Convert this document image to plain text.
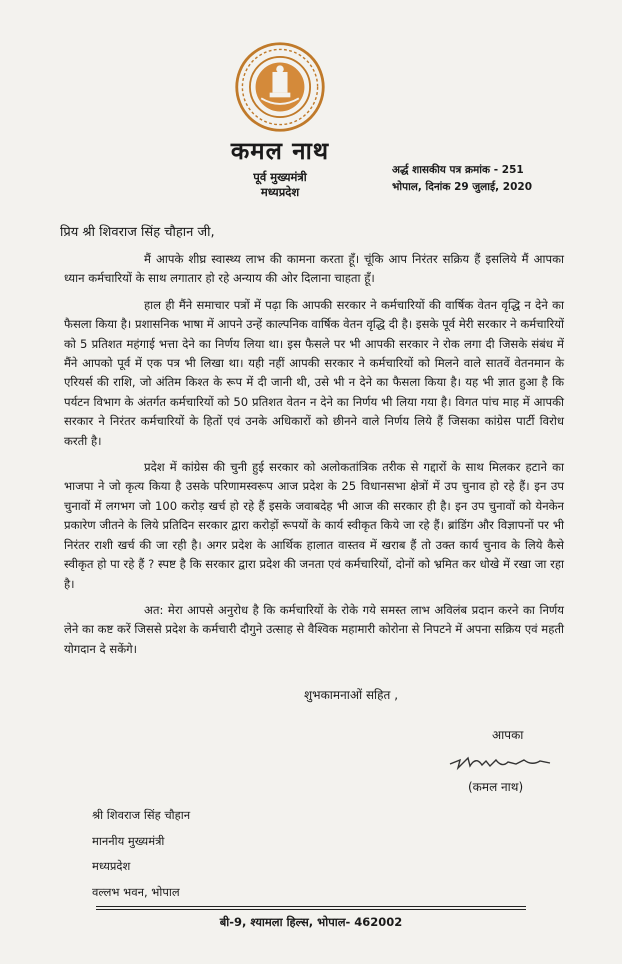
कमल नाथ
पूर्व मुख्यमंत्री
मध्यप्रदेश
अर्द्ध शासकीय पत्र क्रमांक - 251
भोपाल, दिनांक 29 जुलाई, 2020
प्रिय श्री शिवराज सिंह चौहान जी,

मैं आपके शीघ्र स्वास्थ्य लाभ की कामना करता हूँ। चूंकि आप निरंतर सक्रिय हैं इसलिये मैं आपका ध्यान कर्मचारियों के साथ लगातार हो रहे अन्याय की ओर दिलाना चाहता हूँ।

हाल ही मैंने समाचार पत्रों में पढ़ा कि आपकी सरकार ने कर्मचारियों की वार्षिक वेतन वृद्धि न देने का फैसला किया है। प्रशासनिक भाषा में आपने उन्हें काल्पनिक वार्षिक वेतन वृद्धि दी है। इसके पूर्व मेरी सरकार ने कर्मचारियों को 5 प्रतिशत महंगाई भत्ता देने का निर्णय लिया था। इस फैसले पर भी आपकी सरकार ने रोक लगा दी जिसके संबंध में मैंने आपको पूर्व में एक पत्र भी लिखा था। यही नहीं आपकी सरकार ने कर्मचारियों को मिलने वाले सातवें वेतनमान के एरियर्स की राशि, जो अंतिम किश्त के रूप में दी जानी थी, उसे भी न देने का फैसला किया है। यह भी ज्ञात हुआ है कि पर्यटन विभाग के अंतर्गत कर्मचारियों को 50 प्रतिशत वेतन न देने का निर्णय भी लिया गया है। विगत पांच माह में आपकी सरकार ने निरंतर कर्मचारियों के हितों एवं उनके अधिकारों को छीनने वाले निर्णय लिये हैं जिसका कांग्रेस पार्टी विरोध करती है।

प्रदेश में कांग्रेस की चुनी हुई सरकार को अलोकतांत्रिक तरीक से गद्दारों के साथ मिलकर हटाने का भाजपा ने जो कृत्य किया है उसके परिणामस्वरूप आज प्रदेश के 25 विधानसभा क्षेत्रों में उप चुनाव हो रहे हैं। इन उप चुनावों में लगभग जो 100 करोड़ खर्च हो रहे हैं इसके जवाबदेह भी आज की सरकार ही है। इन उप चुनावों को येनकेन प्रकारेण जीतने के लिये प्रतिदिन सरकार द्वारा करोड़ों रूपयों के कार्य स्वीकृत किये जा रहे हैं। ब्रांडिंग और विज्ञापनों पर भी निरंतर राशी खर्च की जा रही है। अगर प्रदेश के आर्थिक हालात वास्तव में खराब हैं तो उक्त कार्य चुनाव के लिये कैसे स्वीकृत हो पा रहे हैं ? स्पष्ट है कि सरकार द्वारा प्रदेश की जनता एवं कर्मचारियों, दोनों को भ्रमित कर धोखे में रखा जा रहा है।

अत: मेरा आपसे अनुरोध है कि कर्मचारियों के रोके गये समस्त लाभ अविलंब प्रदान करने का निर्णय लेने का कष्ट करें जिससे प्रदेश के कर्मचारी दौगुने उत्साह से वैश्विक महामारी कोरोना से निपटने में अपना सक्रिय एवं महती योगदान दे सकेंगे।

शुभकामनाओं सहित ,
आपका
(कमल नाथ)
श्री शिवराज सिंह चौहान
माननीय मुख्यमंत्री
मध्यप्रदेश
वल्लभ भवन, भोपाल
बी-9, श्यामला हिल्स, भोपाल- 462002
